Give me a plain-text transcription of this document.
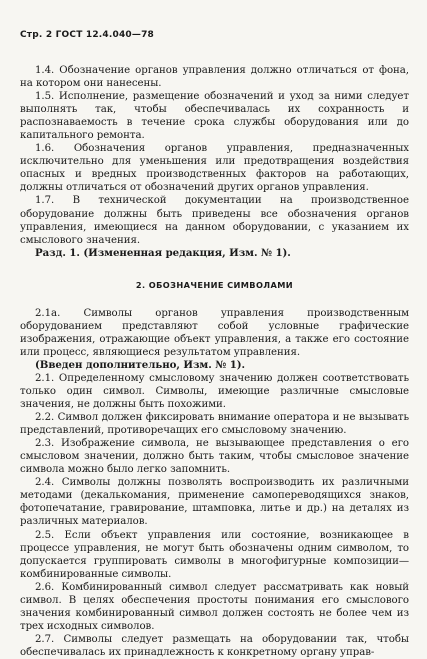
Стр. 2 ГОСТ 12.4.040—78

1.4. Обозначение органов управления должно отличаться от фона, на котором они нанесены.

1.5. Исполнение, размещение обозначений и уход за ними следует выполнять так, чтобы обеспечивалась их сохранность и распознаваемость в течение срока службы оборудования или до капитального ремонта.

1.6. Обозначения органов управления, предназначенных исключительно для уменьшения или предотвращения воздействия опасных и вредных производственных факторов на работающих, должны отличаться от обозначений других органов управления.

1.7. В технической документации на производственное оборудование должны быть приведены все обозначения органов управления, имеющиеся на данном оборудовании, с указанием их смыслового значения.

Разд. 1. (Измененная редакция, Изм. № 1).

2. ОБОЗНАЧЕНИЕ СИМВОЛАМИ

2.1а. Символы органов управления производственным оборудованием представляют собой условные графические изображения, отражающие объект управления, а также его состояние или процесс, являющиеся результатом управления.

(Введен дополнительно, Изм. № 1).

2.1. Определенному смысловому значению должен соответствовать только один символ. Символы, имеющие различные смысловые значения, не должны быть похожими.

2.2. Символ должен фиксировать внимание оператора и не вызывать представлений, противоречащих его смысловому значению.

2.3. Изображение символа, не вызывающее представления о его смысловом значении, должно быть таким, чтобы смысловое значение символа можно было легко запомнить.

2.4. Символы должны позволять воспроизводить их различными методами (декалькомания, применение самопереводящихся знаков, фотопечатание, гравирование, штамповка, литье и др.) на деталях из различных материалов.

2.5. Если объект управления или состояние, возникающее в процессе управления, не могут быть обозначены одним символом, то допускается группировать символы в многофигурные композиции—комбинированные символы.

2.6. Комбинированный символ следует рассматривать как новый символ. В целях обеспечения простоты понимания его смыслового значения комбинированный символ должен состоять не более чем из трех исходных символов.

2.7. Символы следует размещать на оборудовании так, чтобы обеспечивалась их принадлежность к конкретному органу управ-
